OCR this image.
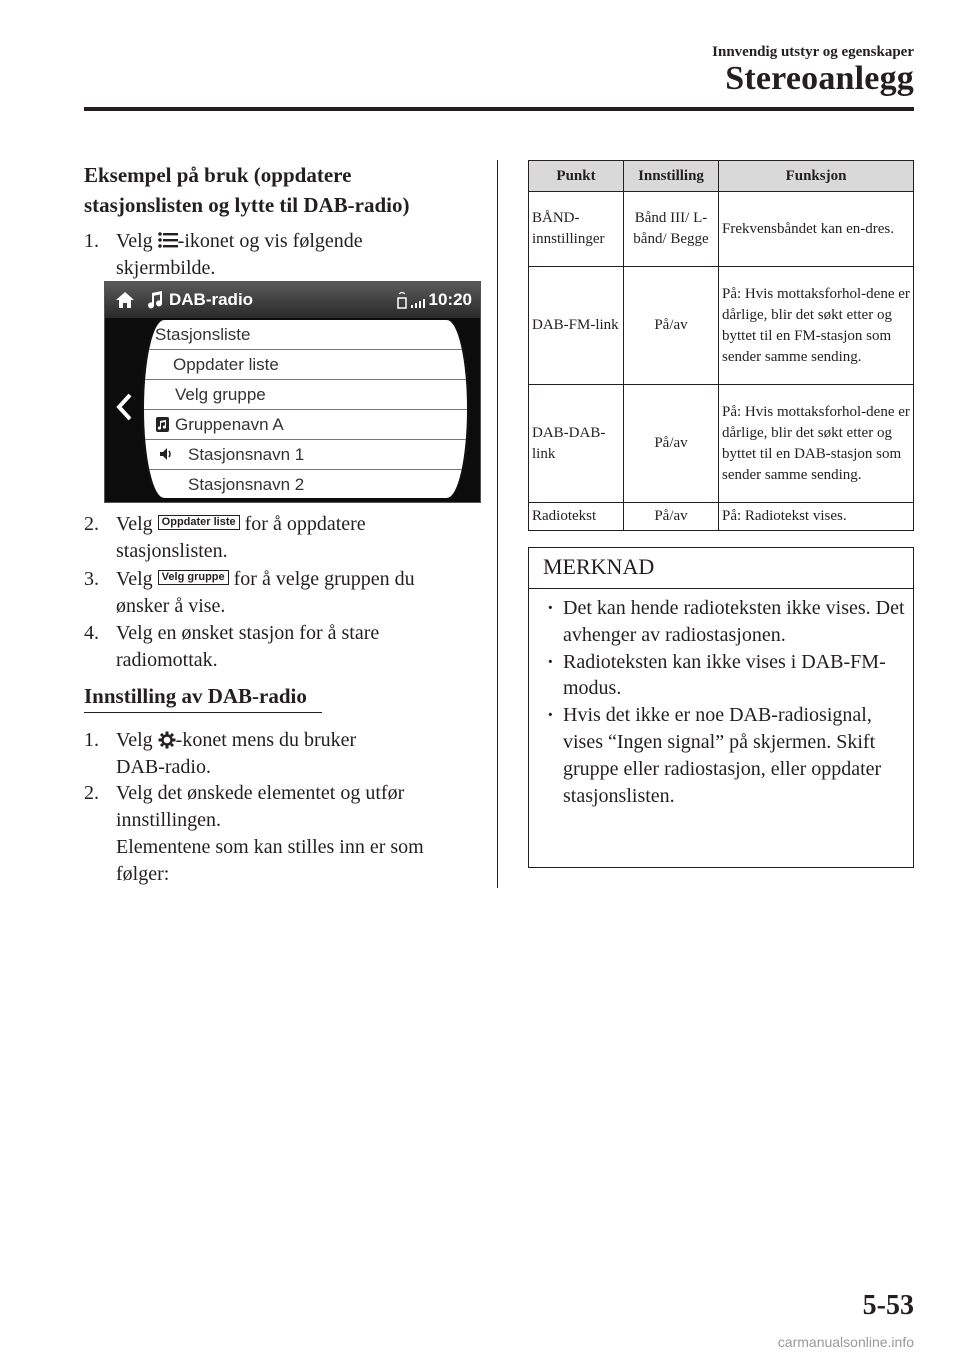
Innvendig utstyr og egenskaper
Stereoanlegg
Eksempel på bruk (oppdatere
stasjonslisten og lytte til DAB-radio)
1. Velg -ikonet og vis følgende
skjermbilde.
DAB-radio	10:20
Stasjonsliste
Oppdater liste
Velg gruppe
Gruppenavn A
Stasjonsnavn 1
Stasjonsnavn 2
2. Velg Oppdater liste for å oppdatere
stasjonslisten.
3. Velg Velg gruppe for å velge gruppen du
ønsker å vise.
4. Velg en ønsket stasjon for å stare
radiomottak.
Innstilling av DAB-radio
1. Velg -konet mens du bruker
DAB-radio.
2. Velg det ønskede elementet og utfør
innstillingen.
Elementene som kan stilles inn er som
følger:
Punkt	Innstilling	Funksjon
BÅND-innstillinger	Bånd III/ L-bånd/ Begge	Frekvensbåndet kan en-dres.
DAB-FM-link	På/av	På: Hvis mottaksforhol-dene er dårlige, blir det søkt etter og byttet til en FM-stasjon som sender samme sending.
DAB-DAB-link	På/av	På: Hvis mottaksforhol-dene er dårlige, blir det søkt etter og byttet til en DAB-stasjon som sender samme sending.
Radiotekst	På/av	På: Radiotekst vises.
MERKNAD
· Det kan hende radioteksten ikke vises. Det avhenger av radiostasjonen.
· Radioteksten kan ikke vises i DAB-FM-modus.
· Hvis det ikke er noe DAB-radiosignal, vises “Ingen signal” på skjermen. Skift gruppe eller radiostasjon, eller oppdater stasjonslisten.
5-53
carmanualsonline.info
